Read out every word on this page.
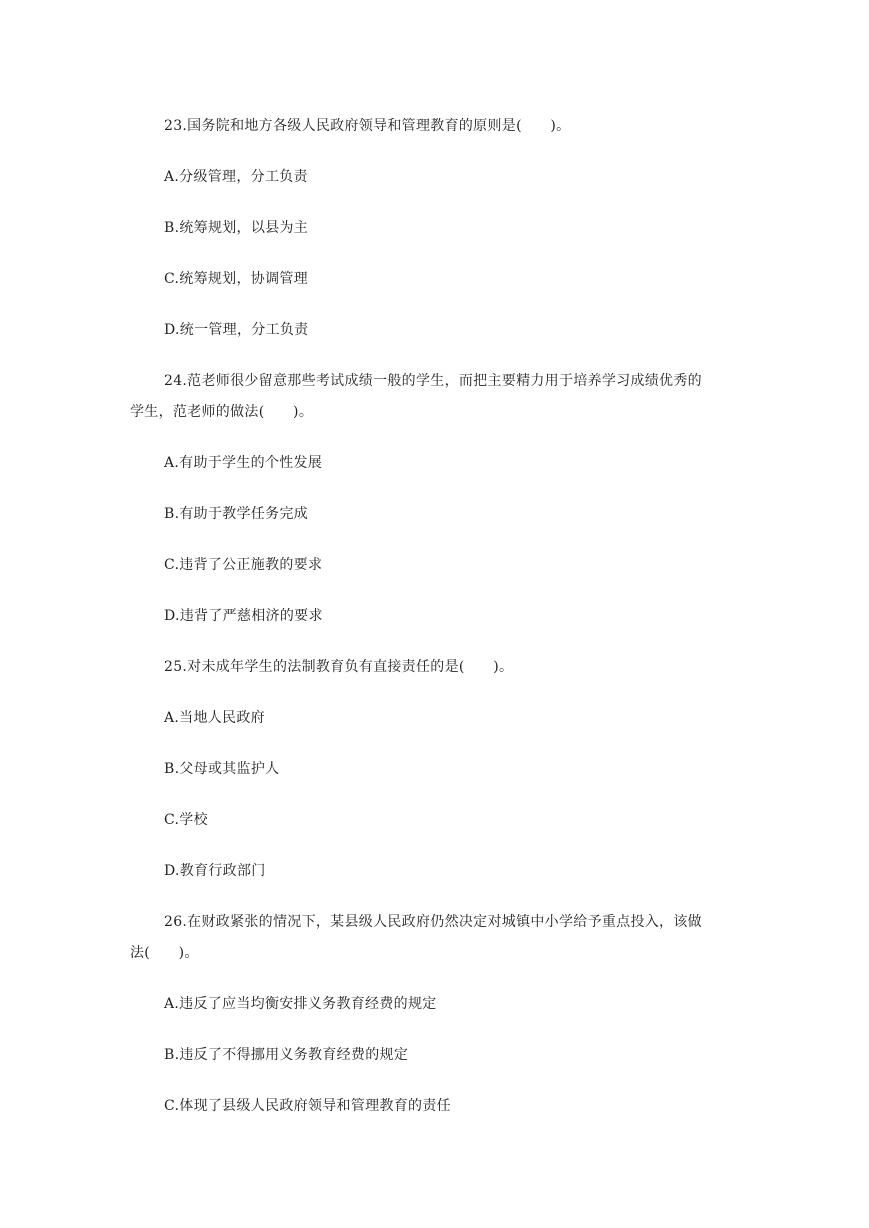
23.国务院和地方各级人民政府领导和管理教育的原则是(　　)。
A.分级管理，分工负责
B.统筹规划，以县为主
C.统筹规划，协调管理
D.统一管理，分工负责
24.范老师很少留意那些考试成绩一般的学生，而把主要精力用于培养学习成绩优秀的
学生，范老师的做法(　　)。
A.有助于学生的个性发展
B.有助于教学任务完成
C.违背了公正施教的要求
D.违背了严慈相济的要求
25.对未成年学生的法制教育负有直接责任的是(　　)。
A.当地人民政府
B.父母或其监护人
C.学校
D.教育行政部门
26.在财政紧张的情况下，某县级人民政府仍然决定对城镇中小学给予重点投入，该做
法(　　)。
A.违反了应当均衡安排义务教育经费的规定
B.违反了不得挪用义务教育经费的规定
C.体现了县级人民政府领导和管理教育的责任
